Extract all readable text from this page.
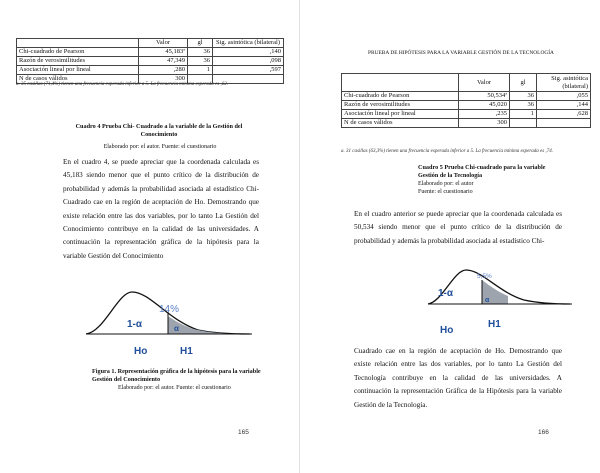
	Valor	gl	Sig. asintótica (bilateral)
Chi-cuadrado de Pearson	45,183ª	36	,140
Razón de verosimilitudes	47,349	36	,098
Asociación lineal por lineal	,280	1	,597
N de casos válidos	300		
a. 35 casillas (71,4%) tienen una frecuencia esperada inferior a 5. La frecuencia mínima esperada es ,62.
Cuadro 4 Prueba Chi- Cuadrado a la variable de la Gestión del Conocimiento
Elaborado por: el autor. Fuente: el cuestionario
En el cuadro 4, se puede apreciar que la coordenada calculada es 45,183 siendo menor que el punto crítico de la distribución de probabilidad y además la probabilidad asociada al estadístico Chi-Cuadrado cae en la región de aceptación de Ho. Demostrando que existe relación entre las dos variables, por lo tanto La Gestión del Conocimiento contribuye en la calidad de las universidades. A continuación la representación gráfica de la hipótesis para la variable Gestión del Conocimiento
14%
1-α	α
Ho	H1
Figura 1. Representación gráfica de la hipótesis para la variable Gestión del Conocimiento
Elaborado por: el autor. Fuente: el cuestionario
165
PRUEBA DE HIPÓTESIS PARA LA VARIABLE GESTIÓN DE LA TECNOLOGÍA
	Valor	gl	Sig. asintótica (bilateral)
Chi-cuadrado de Pearson	50,534ª	36	,055
Razón de verosimilitudes	45,020	36	,144
Asociación lineal por lineal	,235	1	,628
N de casos válidos	300		
a. 31 casillas (63,3%) tienen una frecuencia esperada inferior a 5. La frecuencia mínima esperada es ,74.
Cuadro 5 Prueba Chi-cuadrado para la variable Gestión de la Tecnología
Elaborado por: el autor
Fuente: el cuestionario
En el cuadro anterior se puede apreciar que la coordenada calculada es 50,534 siendo menor que el punto crítico de la distribución de probabilidad y además la probabilidad asociada al estadístico Chi-
5,5%
1-α
α
Ho
H1
Cuadrado cae en la región de aceptación de Ho. Demostrando que existe relación entre las dos variables, por lo tanto La Gestión del Tecnología contribuye en la calidad de las universidades. A continuación la representación Gráfica de la Hipótesis para la variable Gestión de la Tecnología.
166
